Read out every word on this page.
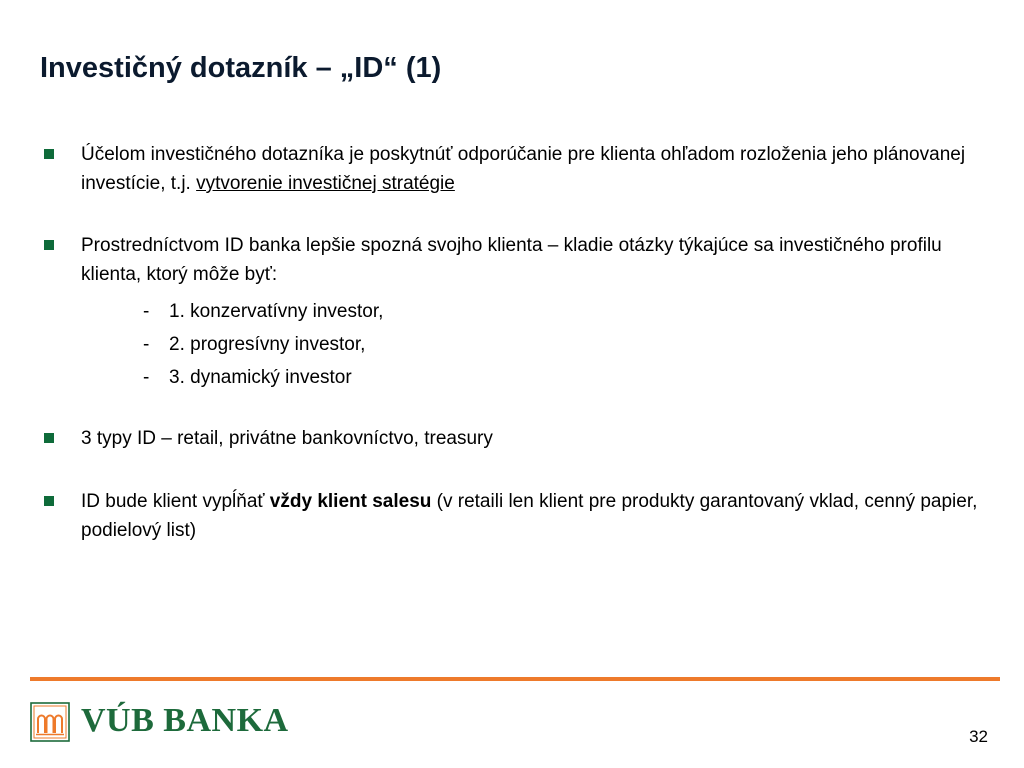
Investičný dotazník – „ID“ (1)
Účelom investičného dotazníka je poskytnúť odporúčanie pre klienta ohľadom rozloženia jeho plánovanej investície, t.j. vytvorenie investičnej stratégie
Prostredníctvom ID banka lepšie spozná svojho klienta – kladie otázky týkajúce sa investičného profilu klienta, ktorý môže byť:
- 1. konzervatívny investor,
- 2. progresívny investor,
- 3. dynamický investor
3 typy ID – retail, privátne bankovníctvo, treasury
ID bude klient vypĺňať vždy klient salesu (v retaili len klient pre produkty garantovaný vklad, cenný papier, podielový list)
VÚB BANKA	32
